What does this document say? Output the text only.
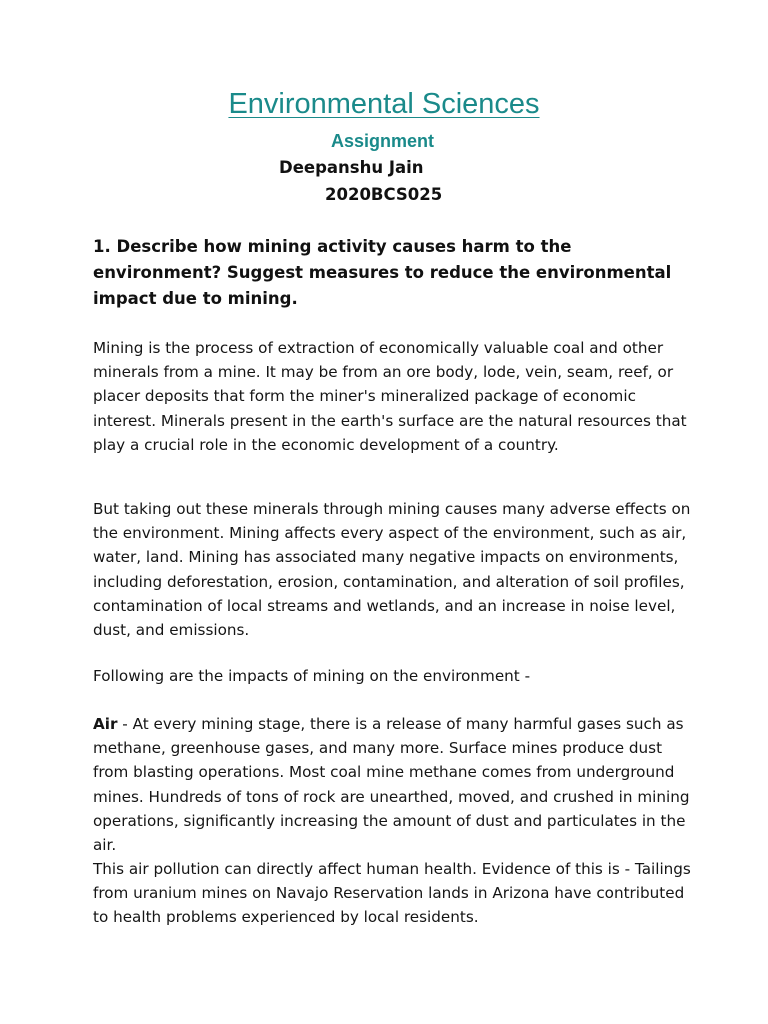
Environmental Sciences
Assignment
Deepanshu Jain
2020BCS025

1. Describe how mining activity causes harm to the environment? Suggest measures to reduce the environmental impact due to mining.

Mining is the process of extraction of economically valuable coal and other minerals from a mine. It may be from an ore body, lode, vein, seam, reef, or placer deposits that form the miner's mineralized package of economic interest. Minerals present in the earth's surface are the natural resources that play a crucial role in the economic development of a country.

But taking out these minerals through mining causes many adverse effects on the environment. Mining affects every aspect of the environment, such as air, water, land. Mining has associated many negative impacts on environments, including deforestation, erosion, contamination, and alteration of soil profiles, contamination of local streams and wetlands, and an increase in noise level, dust, and emissions.

Following are the impacts of mining on the environment -

Air - At every mining stage, there is a release of many harmful gases such as methane, greenhouse gases, and many more. Surface mines produce dust from blasting operations. Most coal mine methane comes from underground mines. Hundreds of tons of rock are unearthed, moved, and crushed in mining operations, significantly increasing the amount of dust and particulates in the air.

This air pollution can directly affect human health. Evidence of this is - Tailings from uranium mines on Navajo Reservation lands in Arizona have contributed to health problems experienced by local residents.
